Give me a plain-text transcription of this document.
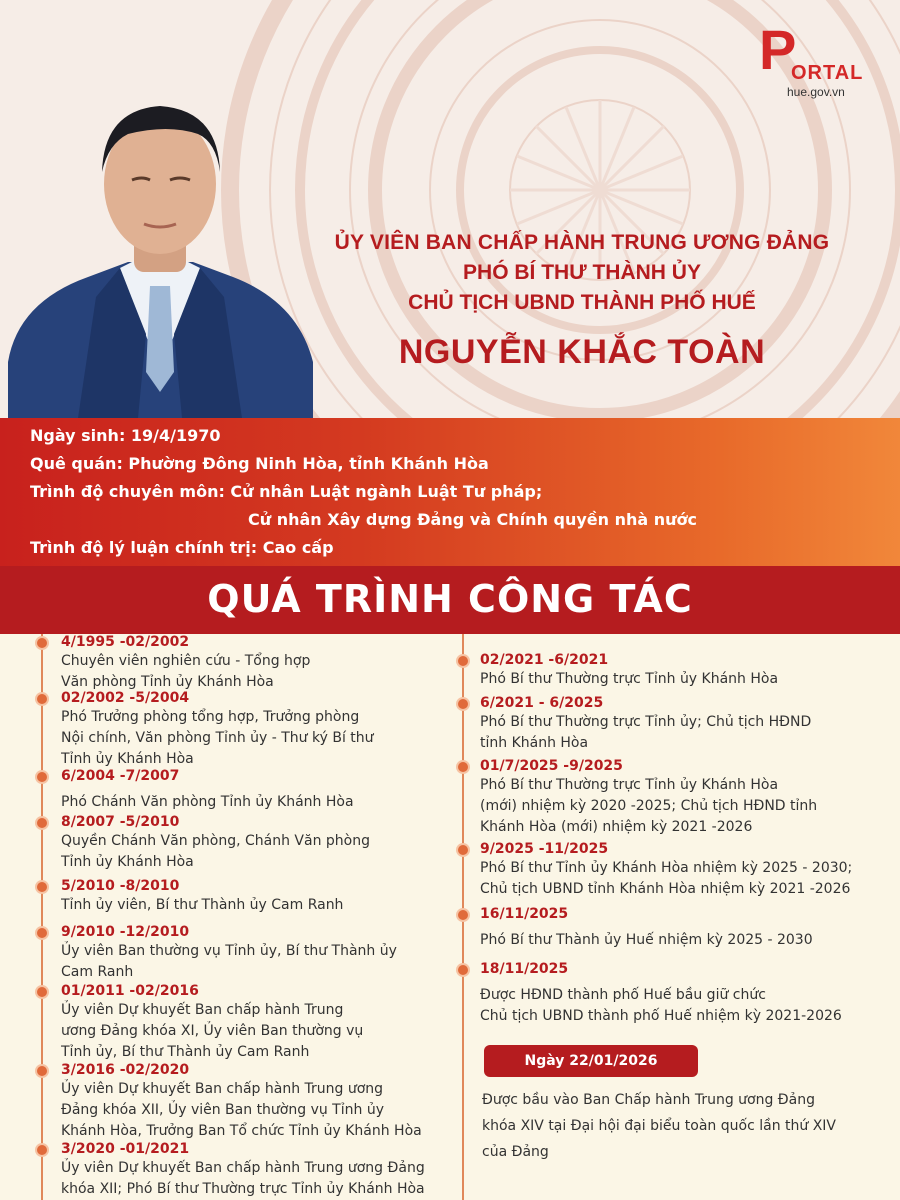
P
ORTAL
hue.gov.vn
ỦY VIÊN BAN CHẤP HÀNH TRUNG ƯƠNG ĐẢNG
PHÓ BÍ THƯ THÀNH ỦY
CHỦ TỊCH UBND THÀNH PHỐ HUẾ
NGUYỄN KHẮC TOÀN
Ngày sinh: 19/4/1970
Quê quán: Phường Đông Ninh Hòa, tỉnh Khánh Hòa
Trình độ chuyên môn: Cử nhân Luật ngành Luật Tư pháp;
Cử nhân Xây dựng Đảng và Chính quyền nhà nước
Trình độ lý luận chính trị: Cao cấp
QUÁ TRÌNH CÔNG TÁC
4/1995 -02/2002
Chuyên viên nghiên cứu - Tổng hợp
Văn phòng Tỉnh ủy Khánh Hòa
02/2002 -5/2004
Phó Trưởng phòng tổng hợp, Trưởng phòng
Nội chính, Văn phòng Tỉnh ủy - Thư ký Bí thư
Tỉnh ủy Khánh Hòa
6/2004 -7/2007
Phó Chánh Văn phòng Tỉnh ủy Khánh Hòa
8/2007 -5/2010
Quyền Chánh Văn phòng, Chánh Văn phòng
Tỉnh ủy Khánh Hòa
5/2010 -8/2010
Tỉnh ủy viên, Bí thư Thành ủy Cam Ranh
9/2010 -12/2010
Ủy viên Ban thường vụ Tỉnh ủy, Bí thư Thành ủy
Cam Ranh
01/2011 -02/2016
Ủy viên Dự khuyết Ban chấp hành Trung
ương Đảng khóa XI, Ủy viên Ban thường vụ
Tỉnh ủy, Bí thư Thành ủy Cam Ranh
3/2016 -02/2020
Ủy viên Dự khuyết Ban chấp hành Trung ương
Đảng khóa XII, Ủy viên Ban thường vụ Tỉnh ủy
Khánh Hòa, Trưởng Ban Tổ chức Tỉnh ủy Khánh Hòa
3/2020 -01/2021
Ủy viên Dự khuyết Ban chấp hành Trung ương Đảng
khóa XII; Phó Bí thư Thường trực Tỉnh ủy Khánh Hòa
02/2021 -6/2021
Phó Bí thư Thường trực Tỉnh ủy Khánh Hòa
6/2021 - 6/2025
Phó Bí thư Thường trực Tỉnh ủy; Chủ tịch HĐND
tỉnh Khánh Hòa
01/7/2025 -9/2025
Phó Bí thư Thường trực Tỉnh ủy Khánh Hòa
(mới) nhiệm kỳ 2020 -2025; Chủ tịch HĐND tỉnh
Khánh Hòa (mới) nhiệm kỳ 2021 -2026
9/2025 -11/2025
Phó Bí thư Tỉnh ủy Khánh Hòa nhiệm kỳ 2025 - 2030;
Chủ tịch UBND tỉnh Khánh Hòa nhiệm kỳ 2021 -2026
16/11/2025
Phó Bí thư Thành ủy Huế nhiệm kỳ 2025 - 2030
18/11/2025
Được HĐND thành phố Huế bầu giữ chức
Chủ tịch UBND thành phố Huế nhiệm kỳ 2021-2026
Ngày 22/01/2026
Được bầu vào Ban Chấp hành Trung ương Đảng
khóa XIV tại Đại hội đại biểu toàn quốc lần thứ XIV
của Đảng
